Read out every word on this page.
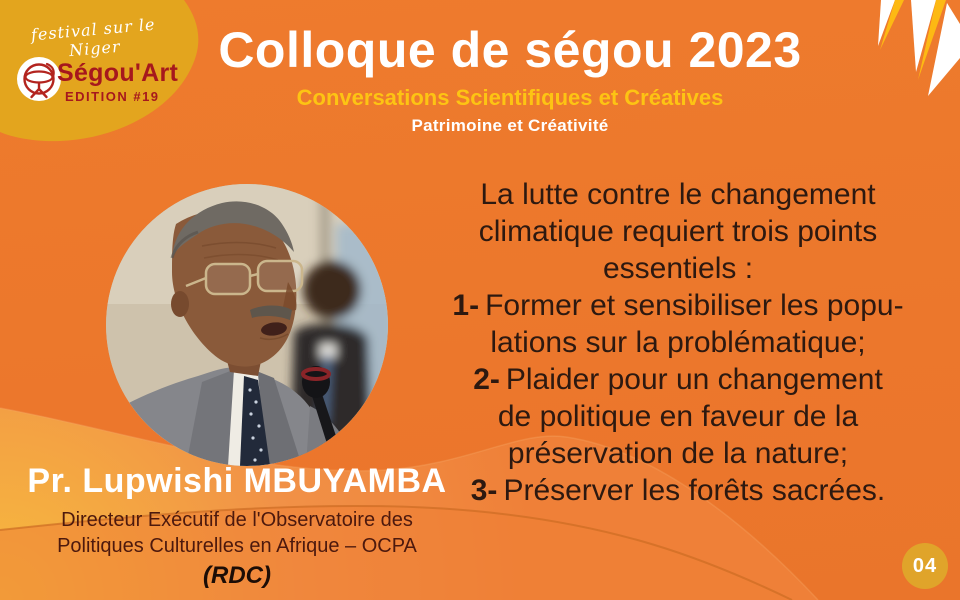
festival sur le Niger
Ségou'Art
EDITION #19
Colloque de ségou 2023
Conversations Scientifiques et Créatives
Patrimoine et Créativité
La lutte contre le changement
climatique requiert trois points
essentiels :
1- Former et sensibiliser les popu-
lations sur la problématique;
2- Plaider pour un changement
de politique en faveur de la
préservation de la nature;
3- Préserver les forêts sacrées.
Pr. Lupwishi MBUYAMBA
Directeur Exécutif de l'Observatoire des
Politiques Culturelles en Afrique – OCPA
(RDC)	04
